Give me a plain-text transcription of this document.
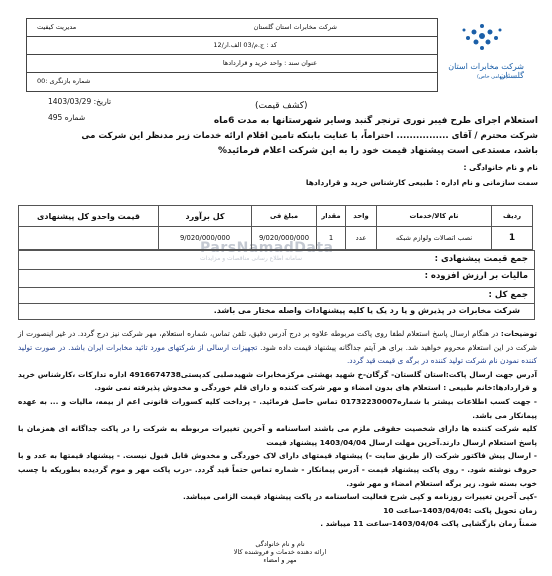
شرکت مخابرات استان گلستان
(سهامی خاص)
شرکت مخابرات استان گلستان
مدیریت کیفیت
کد : ج.م/03 الف.ار/12
عنوان سند : واحد خرید و قراردادها
شماره بازنگری :00
تاریخ: 1403/03/29
شماره 495
(کشف قیمت)
استعلام اجرای طرح فیبر نوری ترنجر گنبد وسایر شهرستانها به مدت 6ماه
شرکت محترم / آقای ................ احتراماً، با عنایت بابنکه تامین اقلام ارائه خدمات زیر مدنظر این شرکت می
باشد، مستدعی است پیشنهاد قیمت خود را به این شرکت اعلام فرمائید%
نام و نام خانوادگی :
سمت سازمانی و نام اداره : طبیعی کارشناس خرید و قراردادها
ParsNamadData
سامانه اطلاع رسانی مناقصات و مزایدات
ردیف	نام کالا/خدمات	واحد	مقدار	مبلغ فی	کل برآورد	قیمت واحدو کل پیشنهادی
1	نصب اتصالات ولوازم شبکه	عدد	1	9/020/000/000	9/020/000/000	
جمع قیمت پیشنهادی :
مالیات بر ارزش افزوده :
جمع کل :
شرکت مخابرات در پذیرش و یا رد یک یا کلیه پیشنهادات واصله مختار می باشد.

توضیحات: در هنگام ارسال پاسخ استعلام لطفا روی پاکت مربوطه علاوه بر درج آدرس دقیق، تلفن تماس، شماره استعلام، مهر شرکت نیز درج گردد. در غیر اینصورت از شرکت در این استعلام محروم خواهید شد. برای هر آیتم جداگانه پیشنهاد قیمت داده شود. تجهیزات ارسالی از شرکتهای مورد تائید مخابرات ایران باشد. در صورت تولید کننده نمودن نام شرکت تولید کننده در برگه ی قیمت قید گردد.

آدرس جهت ارسال پاکت:استان گلستان- گرگان-خ شهید بهشتی مرکزمخابرات شهیدصلبی کدپستی4916674738 اداره تدارکات ،کارشناس خرید و قراردادها:خانم طبیعی : استعلام های بدون امضاء و مهر شرکت کننده و دارای قلم خوردگی و مخدوش پذیرفته نمی شود.

- جهت کسب اطلاعات بیشتر با شماره01732230007 تماس حاصل فرمائید. - پرداخت کلیه کسورات قانونی اعم از بیمه، مالیات و ... به عهده پیمانکار می باشد.

کلیه شرکت کننده ها دارای شخصیت حقوقی ملزم می باشند اساسنامه و آخرین تغییرات مربوطه به شرکت را در پاکت جداگانه ای همزمان با پاسخ استعلام ارسال دارند.آخرین مهلت ارسال 1403/04/04 پیشنهاد قیمت

- ارسال پیش فاکتور شرکت (از طریق سایت -) پیشنهاد قیمتهای دارای لاک خوردگی و مخدوش قابل قبول نیست. - پیشنهاد قیمتها به عدد و با حروف نوشته شود. - روی پاکت پیشنهاد قیمت - آدرس پیمانکار - شماره تماس حتماً قید گردد. -درب پاکت مهر و موم گردیده بطوریکه با چسب خوب بسته شود. زیر برگه استعلام امضاء و مهر شود.

-کپی آخرین تغییرات روزنامه و کپی شرح فعالیت اساسنامه در پاکت پیشنهاد قیمت الزامی میباشد.

زمان تحویل پاکت :1403/04/04-ساعت 10

ضمناً زمان بازگشایی پاکت 1403/04/04-ساعت 11 میباشد .

نام و نام خانوادگی
ارائه دهنده خدمات و فروشنده کالا
مهر و امضاء
